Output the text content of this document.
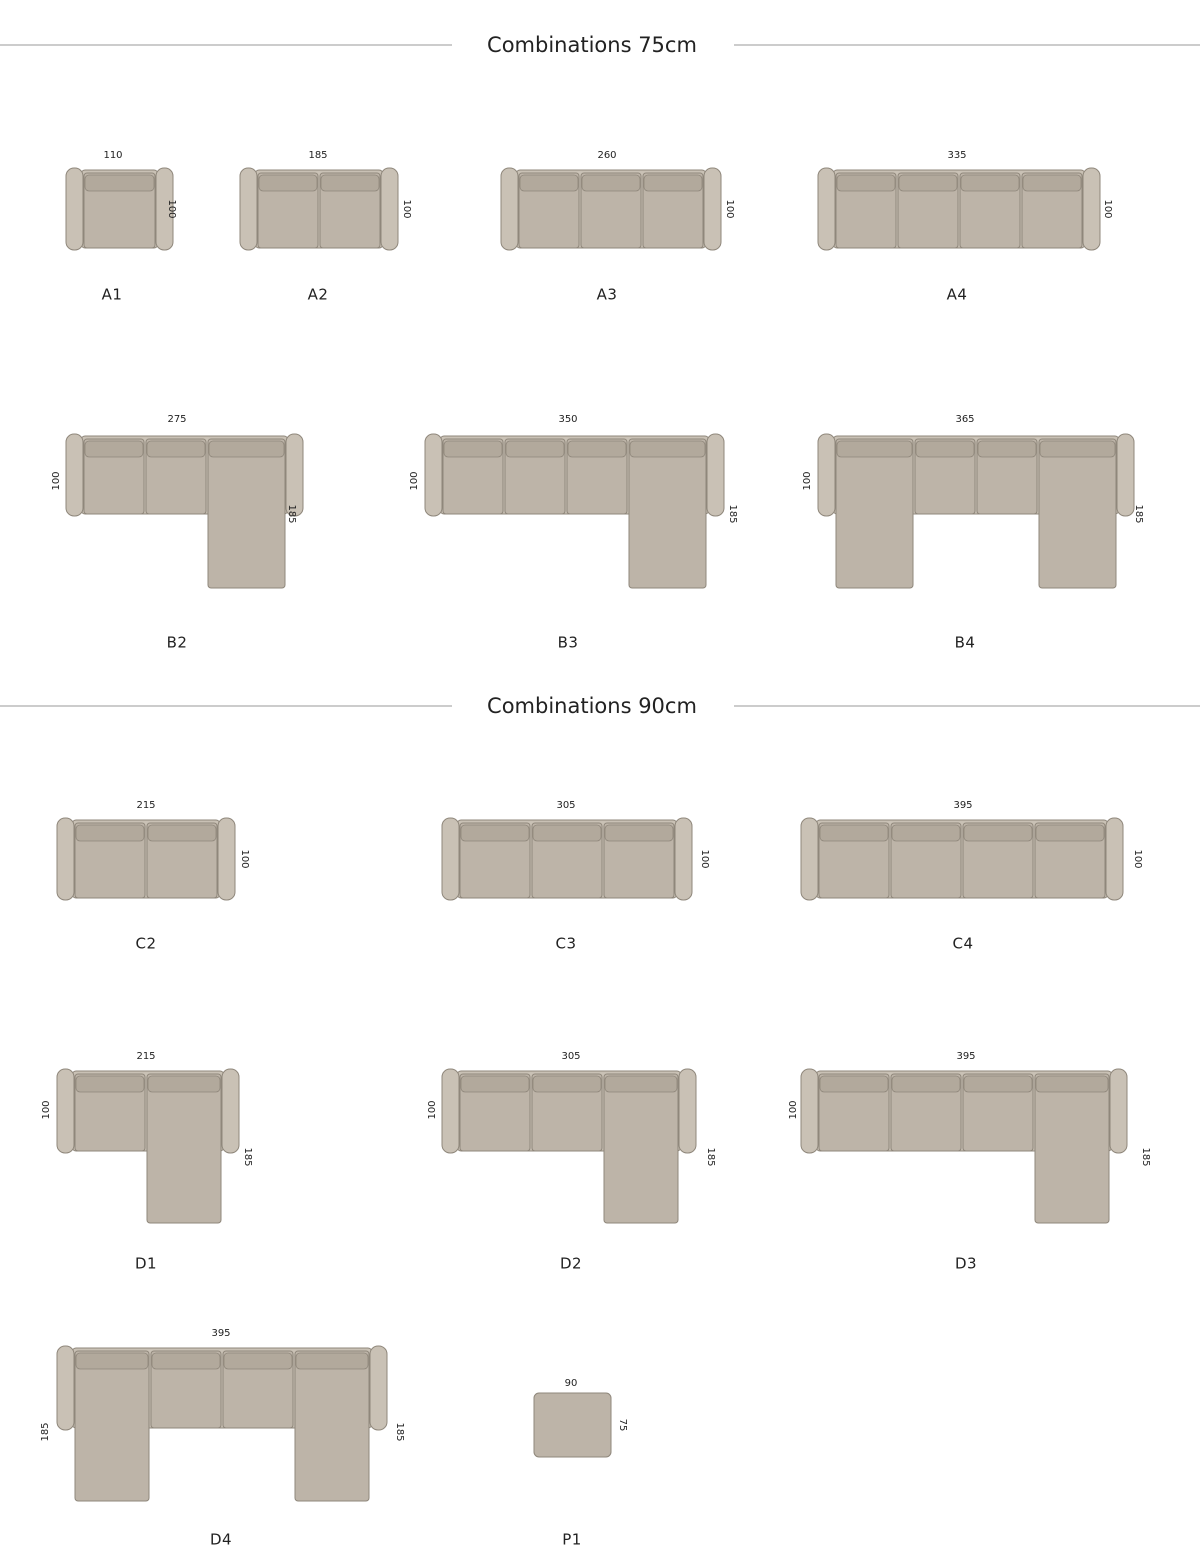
Combinations 75cm
Combinations 90cm
110
100
A1
185
100
A2
260
100
A3
335
100
A4
275
185
100
B2
350
185
100
B3
365
185
100
B4
215
100
C2
305
100
C3
395
100
C4
215
185
100
D1
305
185
100
D2
395
185
100
D3
395
185
185
D4
90
75
P1
